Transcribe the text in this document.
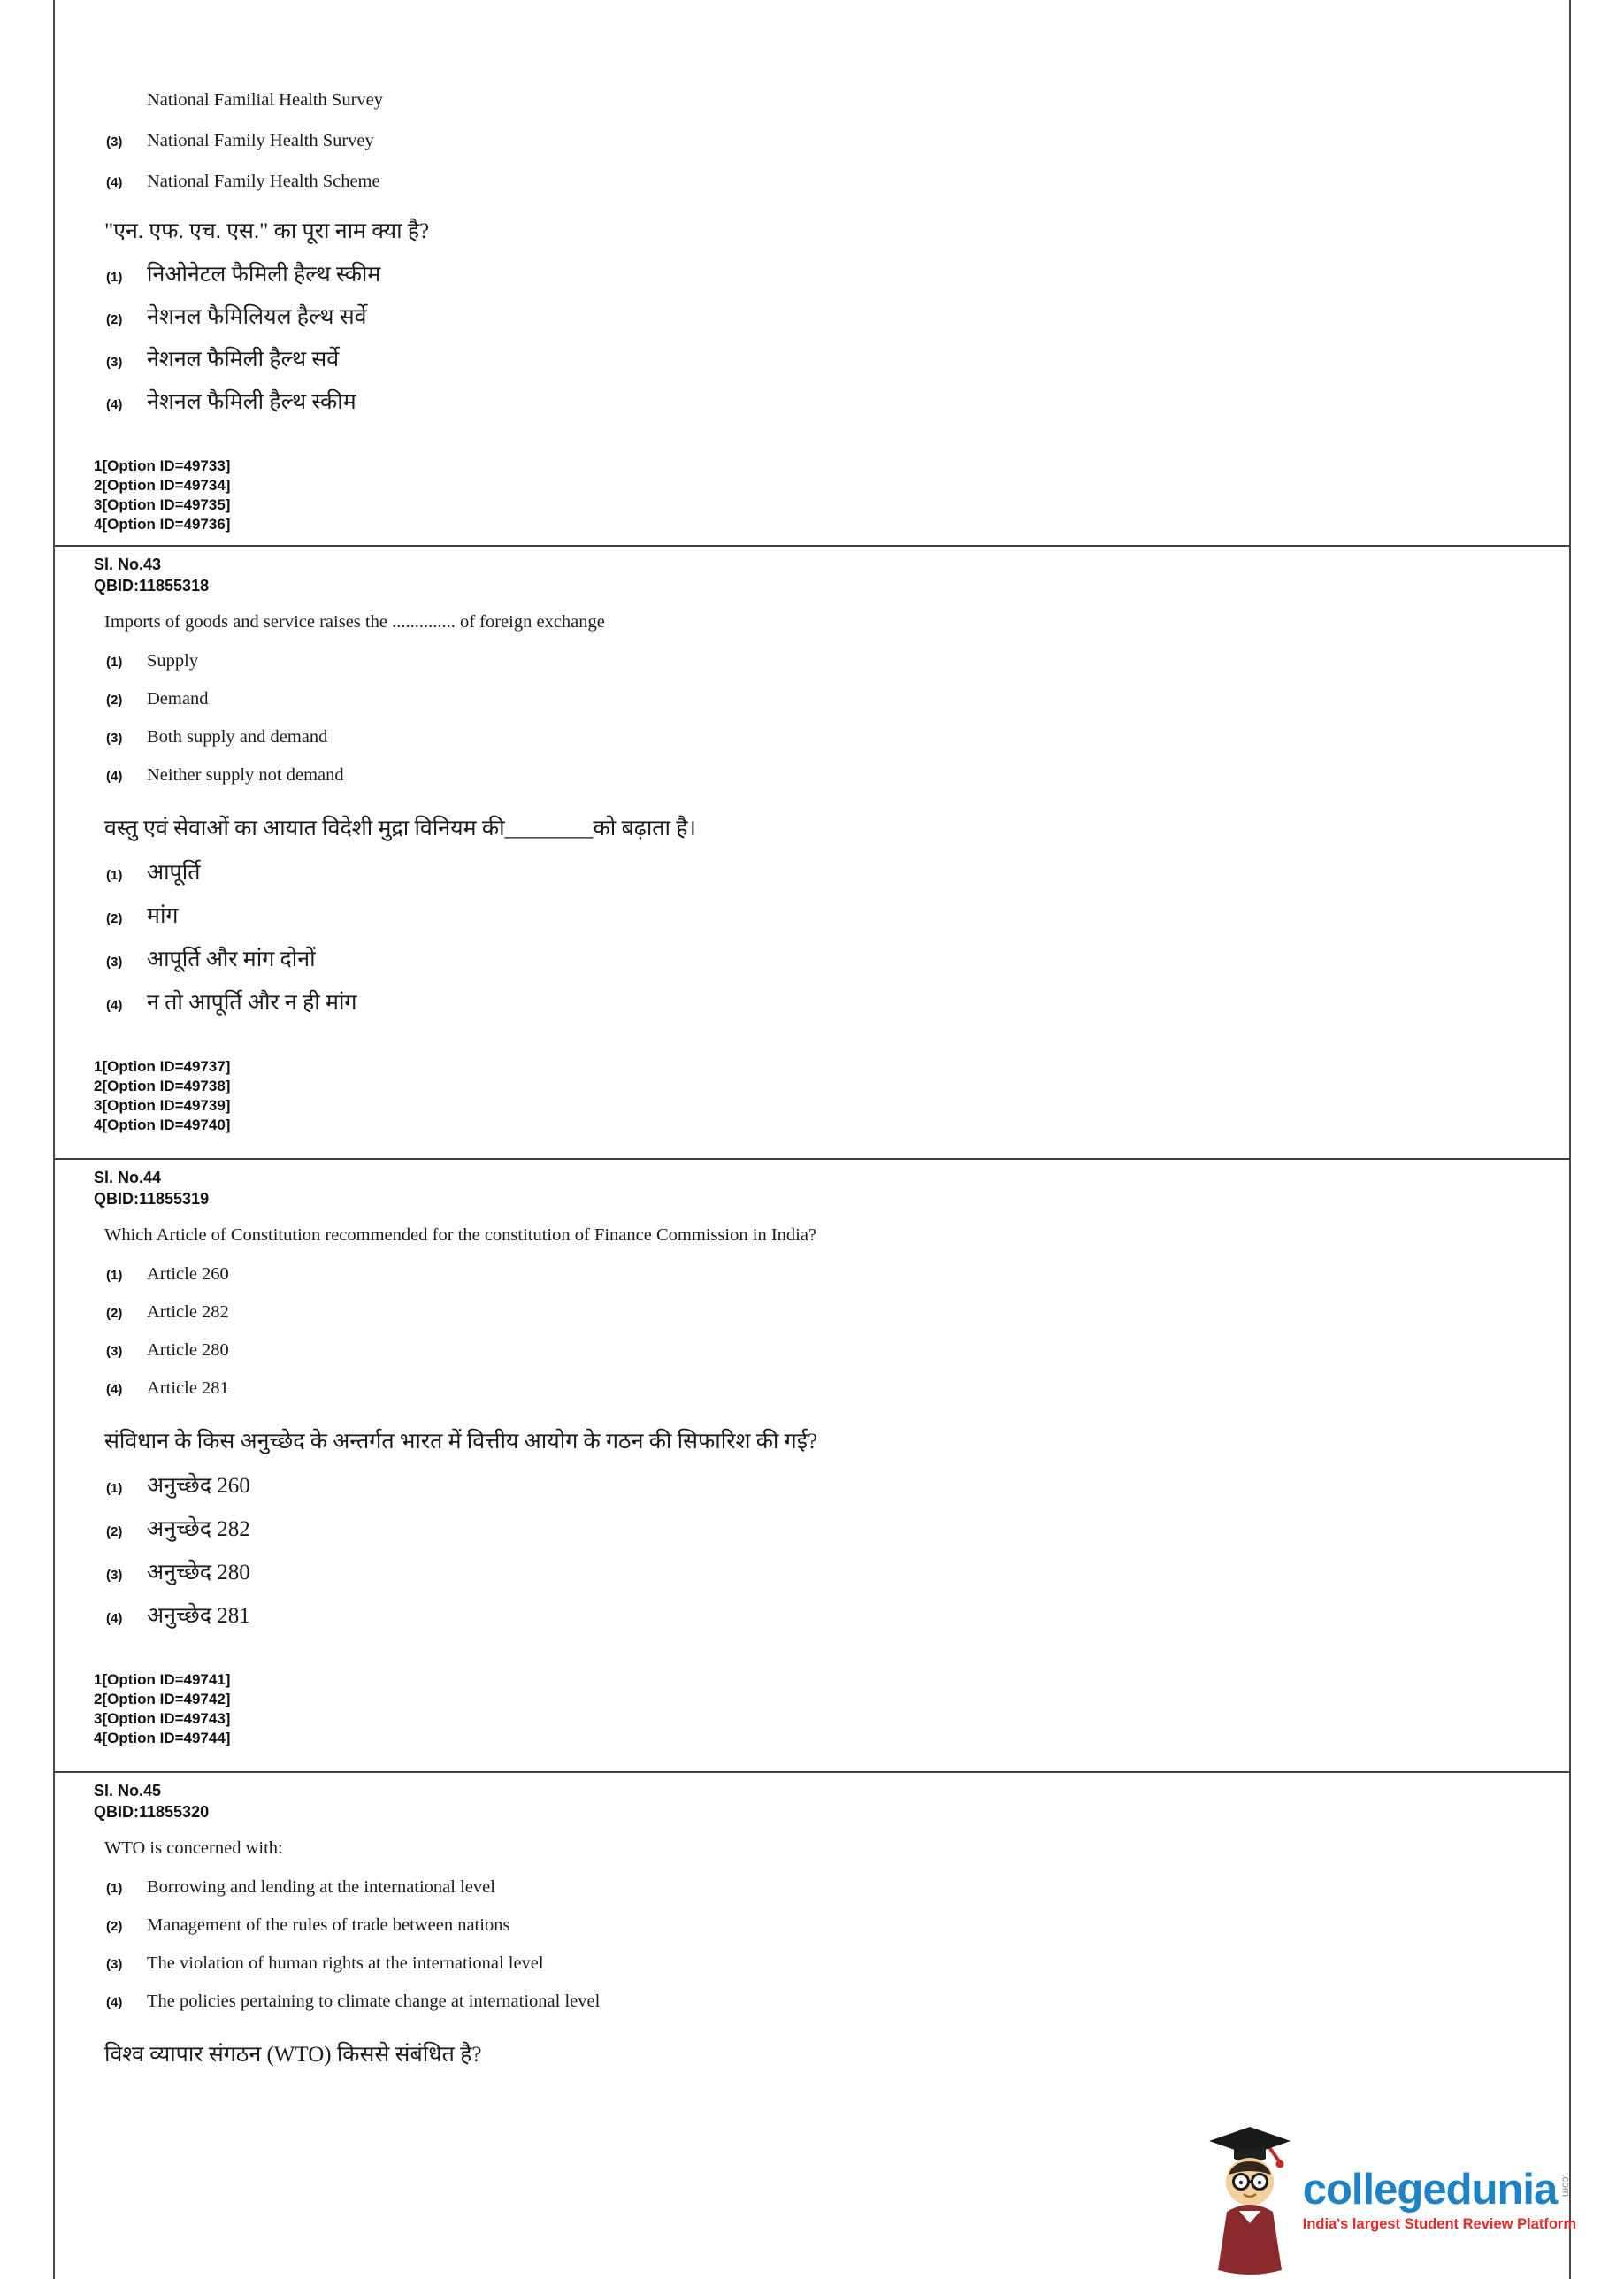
National Familial Health Survey
(3)	National Family Health Survey
(4)	National Family Health Scheme
"एन. एफ. एच. एस." का पूरा नाम क्या है?
(1)	निओनेटल फैमिली हैल्थ स्कीम
(2)	नेशनल फैमिलियल हैल्थ सर्वे
(3)	नेशनल फैमिली हैल्थ सर्वे
(4)	नेशनल फैमिली हैल्थ स्कीम
1[Option ID=49733]
2[Option ID=49734]
3[Option ID=49735]
4[Option ID=49736]
Sl. No.43
QBID:11855318
Imports of goods and service raises the .............. of foreign exchange
(1)	Supply
(2)	Demand
(3)	Both supply and demand
(4)	Neither supply not demand
वस्तु एवं सेवाओं का आयात विदेशी मुद्रा विनियम की________को बढ़ाता है।
(1)	आपूर्ति
(2)	मांग
(3)	आपूर्ति और मांग दोनों
(4)	न तो आपूर्ति और न ही मांग
1[Option ID=49737]
2[Option ID=49738]
3[Option ID=49739]
4[Option ID=49740]
Sl. No.44
QBID:11855319
Which Article of Constitution recommended for the constitution of Finance Commission in India?
(1)	Article 260
(2)	Article 282
(3)	Article 280
(4)	Article 281
संविधान के किस अनुच्छेद के अन्तर्गत भारत में वित्तीय आयोग के गठन की सिफारिश की गई?
(1)	अनुच्छेद 260
(2)	अनुच्छेद 282
(3)	अनुच्छेद 280
(4)	अनुच्छेद 281
1[Option ID=49741]
2[Option ID=49742]
3[Option ID=49743]
4[Option ID=49744]
Sl. No.45
QBID:11855320
WTO is concerned with:
(1)	Borrowing and lending at the international level
(2)	Management of the rules of trade between nations
(3)	The violation of human rights at the international level
(4)	The policies pertaining to climate change at international level
विश्व व्यापार संगठन (WTO) किससे संबंधित है?
collegedunia .com
India's largest Student Review Platform
